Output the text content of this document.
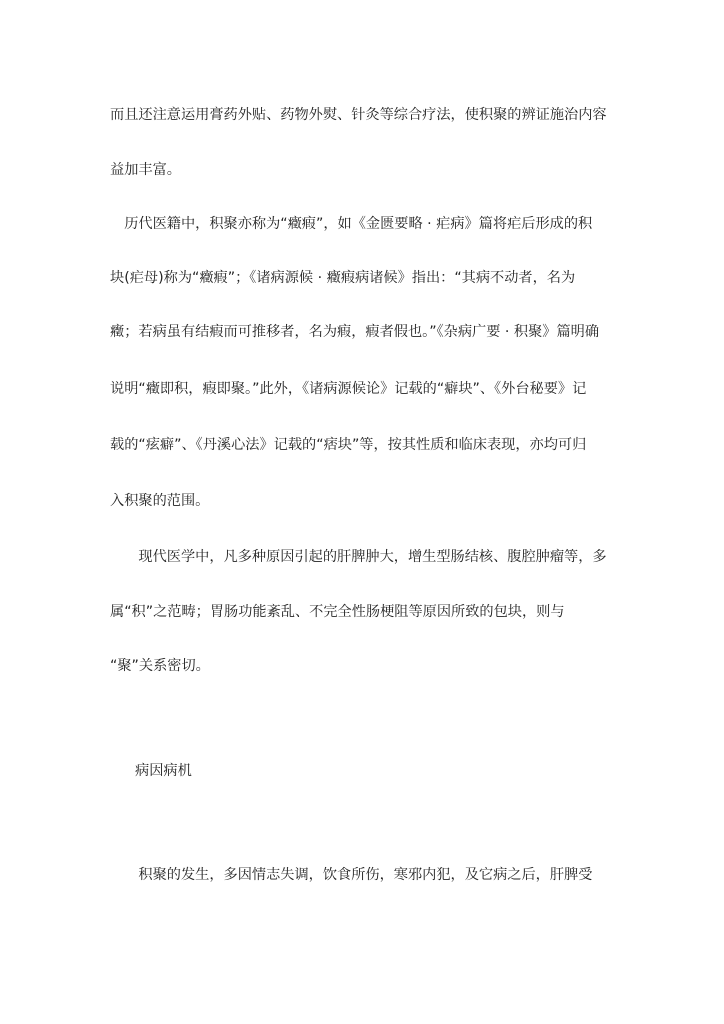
而且还注意运用膏药外贴、药物外熨、针灸等综合疗法，使积聚的辨证施治内容
益加丰富。
　历代医籍中，积聚亦称为“癥瘕”，如《金匮要略 · 疟病》篇将疟后形成的积
块(疟母)称为“癥瘕”；《诸病源候 · 癥瘕病诸候》指出：“其病不动者，名为
癥；若病虽有结瘕而可推移者，名为瘕，瘕者假也。”《杂病广要 · 积聚》篇明确
说明“癥即积，瘕即聚。”此外，《诸病源候论》记载的“癖块”、《外台秘要》记
载的“痃癖”、《丹溪心法》记载的“痞块”等，按其性质和临床表现，亦均可归
入积聚的范围。
　　现代医学中，凡多种原因引起的肝脾肿大，增生型肠结核、腹腔肿瘤等，多
属“积”之范畴；胃肠功能紊乱、不完全性肠梗阻等原因所致的包块，则与
“聚”关系密切。
病因病机
　　积聚的发生，多因情志失调，饮食所伤，寒邪内犯，及它病之后，肝脾受
